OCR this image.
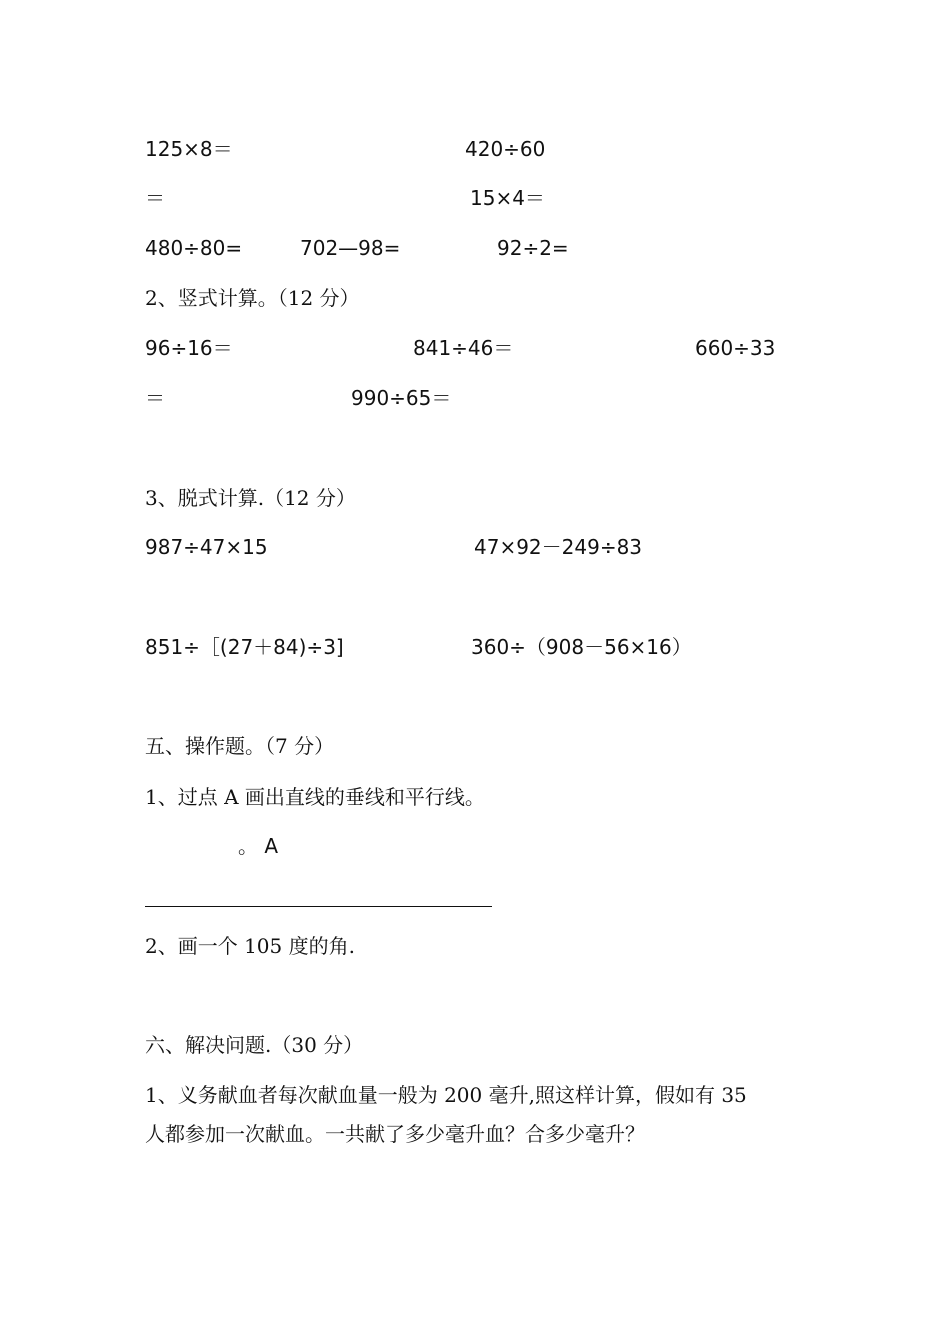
125×8＝	420÷60
＝	15×4＝
480÷80=	702—98=	92÷2=
2、竖式计算。（12 分）
96÷16＝	841÷46＝	660÷33
＝	990÷65＝
3、脱式计算.（12 分）
987÷47×15	47×92－249÷83
851÷［(27＋84)÷3]	360÷（908－56×16）
五、操作题。（7 分）
1、过点 A 画出直线的垂线和平行线。
。 A
2、画一个 105 度的角.
六、解决问题.（30 分）
1、义务献血者每次献血量一般为 200 毫升,照这样计算，假如有 35
人都参加一次献血。一共献了多少毫升血？合多少毫升？
